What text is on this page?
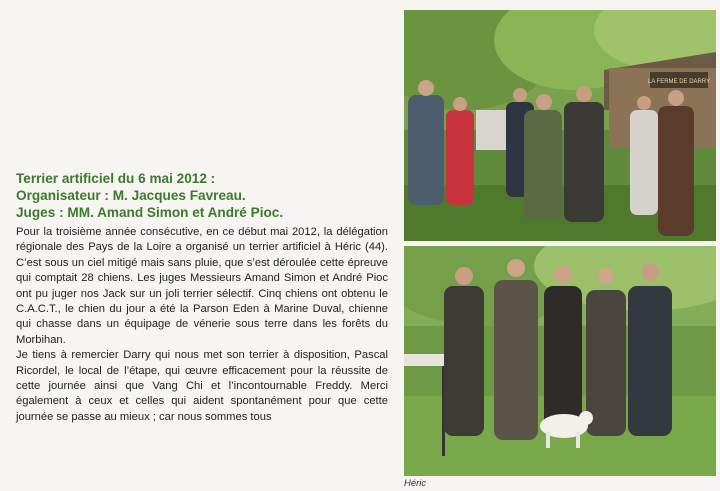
Terrier artificiel du 6 mai 2012 :
Organisateur : M. Jacques Favreau.
Juges : MM. Amand Simon et André Pioc.

Pour la troisième année consécutive, en ce début mai 2012, la délégation régionale des Pays de la Loire a organisé un terrier artificiel à Héric (44). C’est sous un ciel mitigé mais sans pluie, que s’est déroulée cette épreuve qui comptait 28 chiens. Les juges Messieurs Amand Simon et André Pioc ont pu juger nos Jack sur un joli terrier sélectif. Cinq chiens ont obtenu le C.A.C.T., le chien du jour a été la Parson Eden à Marine Duval, chienne qui chasse dans un équipage de vénerie sous terre dans les forêts du Morbihan.

Je tiens à remercier Darry qui nous met son terrier à disposition, Pascal Ricordel, le local de l’étape, qui œuvre efficacement pour la réussite de cette journée ainsi que Vang Chi et l’incontournable Freddy. Merci également à ceux et celles qui aident spontanément pour que cette journée se passe au mieux ; car nous sommes tous

LA FERME DE DARRY
Héric
